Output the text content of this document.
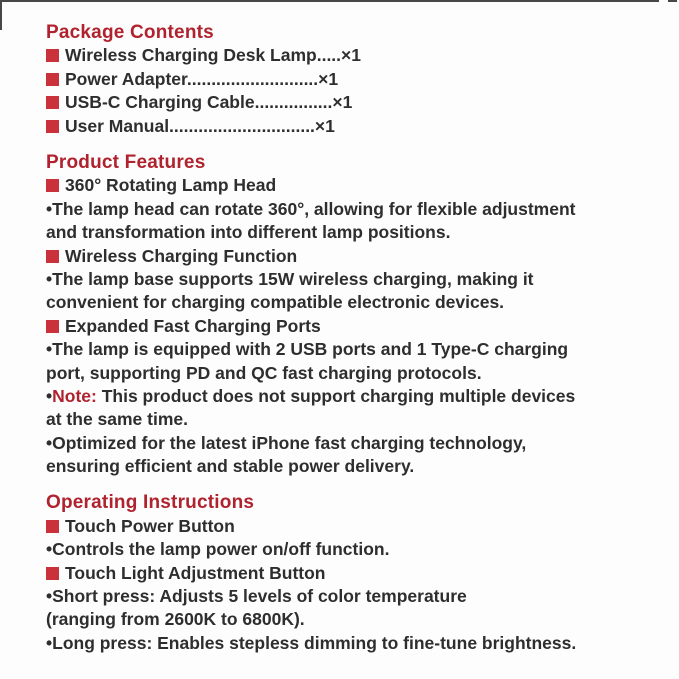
Package Contents
Wireless Charging Desk Lamp.....×1
Power Adapter...........................×1
USB-C Charging Cable................×1
User Manual..............................×1
Product Features
360° Rotating Lamp Head
•The lamp head can rotate 360°, allowing for flexible adjustment
and transformation into different lamp positions.
Wireless Charging Function
•The lamp base supports 15W wireless charging, making it
convenient for charging compatible electronic devices.
Expanded Fast Charging Ports
•The lamp is equipped with 2 USB ports and 1 Type-C charging
port, supporting PD and QC fast charging protocols.
•Note: This product does not support charging multiple devices
at the same time.
•Optimized for the latest iPhone fast charging technology,
ensuring efficient and stable power delivery.
Operating Instructions
Touch Power Button
•Controls the lamp power on/off function.
Touch Light Adjustment Button
•Short press: Adjusts 5 levels of color temperature
(ranging from 2600K to 6800K).
•Long press: Enables stepless dimming to fine-tune brightness.
